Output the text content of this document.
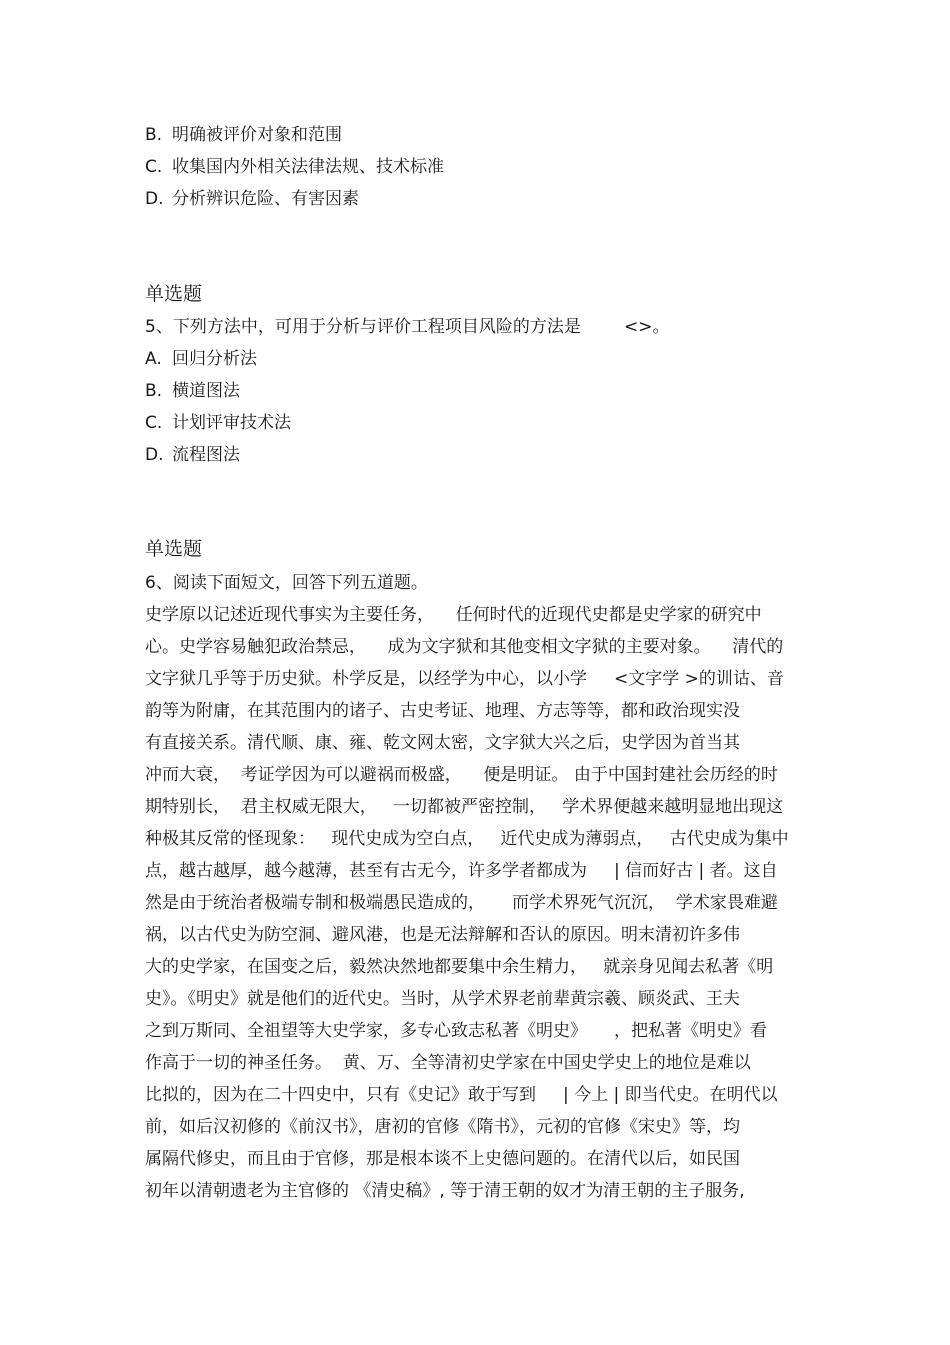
B. 明确被评价对象和范围
C. 收集国内外相关法律法规、技术标准
D. 分析辨识危险、有害因素
单选题
5、下列方法中，可用于分析与评价工程项目风险的方法是        <>。
A. 回归分析法
B. 横道图法
C. 计划评审技术法
D. 流程图法
单选题
6、阅读下面短文，回答下列五道题。
史学原以记述近现代事实为主要任务，    任何时代的近现代史都是史学家的研究中
心。史学容易触犯政治禁忌，    成为文字狱和其他变相文字狱的主要对象。    清代的
文字狱几乎等于历史狱。朴学反是，以经学为中心，以小学     <文字学 >的训诂、音
韵等为附庸，在其范围内的诸子、古史考证、地理、方志等等，都和政治现实没
有直接关系。清代顺、康、雍、乾文网太密，文字狱大兴之后，史学因为首当其
冲而大衰，  考证学因为可以避祸而极盛，    便是明证。 由于中国封建社会历经的时
期特别长，  君主权威无限大，   一切都被严密控制，   学术界便越来越明显地出现这
种极其反常的怪现象：   现代史成为空白点，   近代史成为薄弱点，   古代史成为集中
点，越古越厚，越今越薄，甚至有古无今，许多学者都成为     | 信而好古 | 者。这自
然是由于统治者极端专制和极端愚民造成的，     而学术界死气沉沉，  学术家畏难避
祸，以古代史为防空洞、避风港，也是无法辩解和否认的原因。明末清初许多伟
大的史学家，在国变之后，毅然决然地都要集中余生精力，   就亲身见闻去私著《明
史》。《明史》就是他们的近代史。当时，从学术界老前辈黄宗羲、顾炎武、王夫
之到万斯同、全祖望等大史学家，多专心致志私著《明史》     ，把私著《明史》看
作高于一切的神圣任务。  黄、万、全等清初史学家在中国史学史上的地位是难以
比拟的，因为在二十四史中，只有《史记》敢于写到     | 今上 | 即当代史。在明代以
前，如后汉初修的《前汉书》，唐初的官修《隋书》，元初的官修《宋史》等，均
属隔代修史，而且由于官修，那是根本谈不上史德问题的。在清代以后，如民国
初年以清朝遗老为主官修的 《清史稿》, 等于清王朝的奴才为清王朝的主子服务,
